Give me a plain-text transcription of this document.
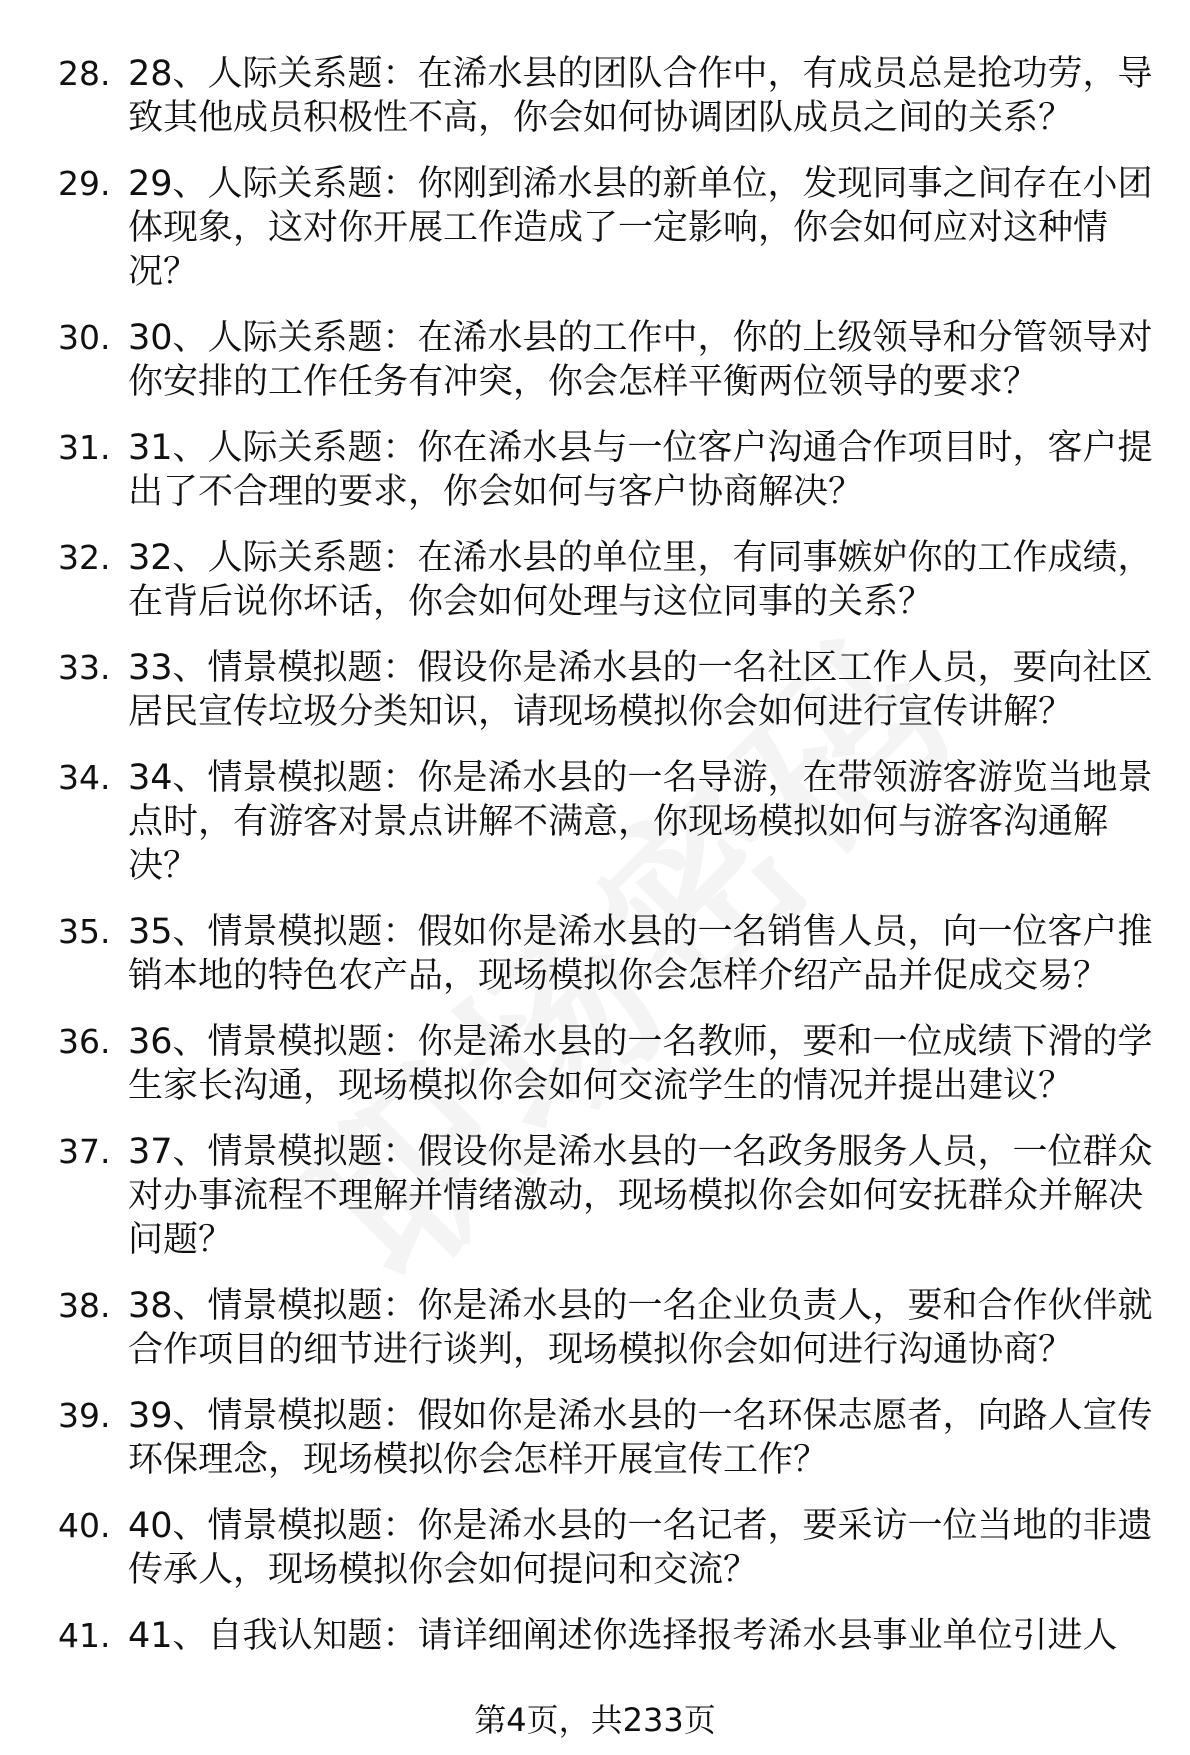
28. 28、人际关系题：在浠水县的团队合作中，有成员总是抢功劳，导致其他成员积极性不高，你会如何协调团队成员之间的关系？
29. 29、人际关系题：你刚到浠水县的新单位，发现同事之间存在小团体现象，这对你开展工作造成了一定影响，你会如何应对这种情况？
30. 30、人际关系题：在浠水县的工作中，你的上级领导和分管领导对你安排的工作任务有冲突，你会怎样平衡两位领导的要求？
31. 31、人际关系题：你在浠水县与一位客户沟通合作项目时，客户提出了不合理的要求，你会如何与客户协商解决？
32. 32、人际关系题：在浠水县的单位里，有同事嫉妒你的工作成绩，在背后说你坏话，你会如何处理与这位同事的关系？
33. 33、情景模拟题：假设你是浠水县的一名社区工作人员，要向社区居民宣传垃圾分类知识，请现场模拟你会如何进行宣传讲解？
34. 34、情景模拟题：你是浠水县的一名导游，在带领游客游览当地景点时，有游客对景点讲解不满意，你现场模拟如何与游客沟通解决？
35. 35、情景模拟题：假如你是浠水县的一名销售人员，向一位客户推销本地的特色农产品，现场模拟你会怎样介绍产品并促成交易？
36. 36、情景模拟题：你是浠水县的一名教师，要和一位成绩下滑的学生家长沟通，现场模拟你会如何交流学生的情况并提出建议？
37. 37、情景模拟题：假设你是浠水县的一名政务服务人员，一位群众对办事流程不理解并情绪激动，现场模拟你会如何安抚群众并解决问题？
38. 38、情景模拟题：你是浠水县的一名企业负责人，要和合作伙伴就合作项目的细节进行谈判，现场模拟你会如何进行沟通协商？
39. 39、情景模拟题：假如你是浠水县的一名环保志愿者，向路人宣传环保理念，现场模拟你会怎样开展宣传工作？
40. 40、情景模拟题：你是浠水县的一名记者，要采访一位当地的非遗传承人，现场模拟你会如何提问和交流？
41. 41、自我认知题：请详细阐述你选择报考浠水县事业单位引进人
第4页，共233页
